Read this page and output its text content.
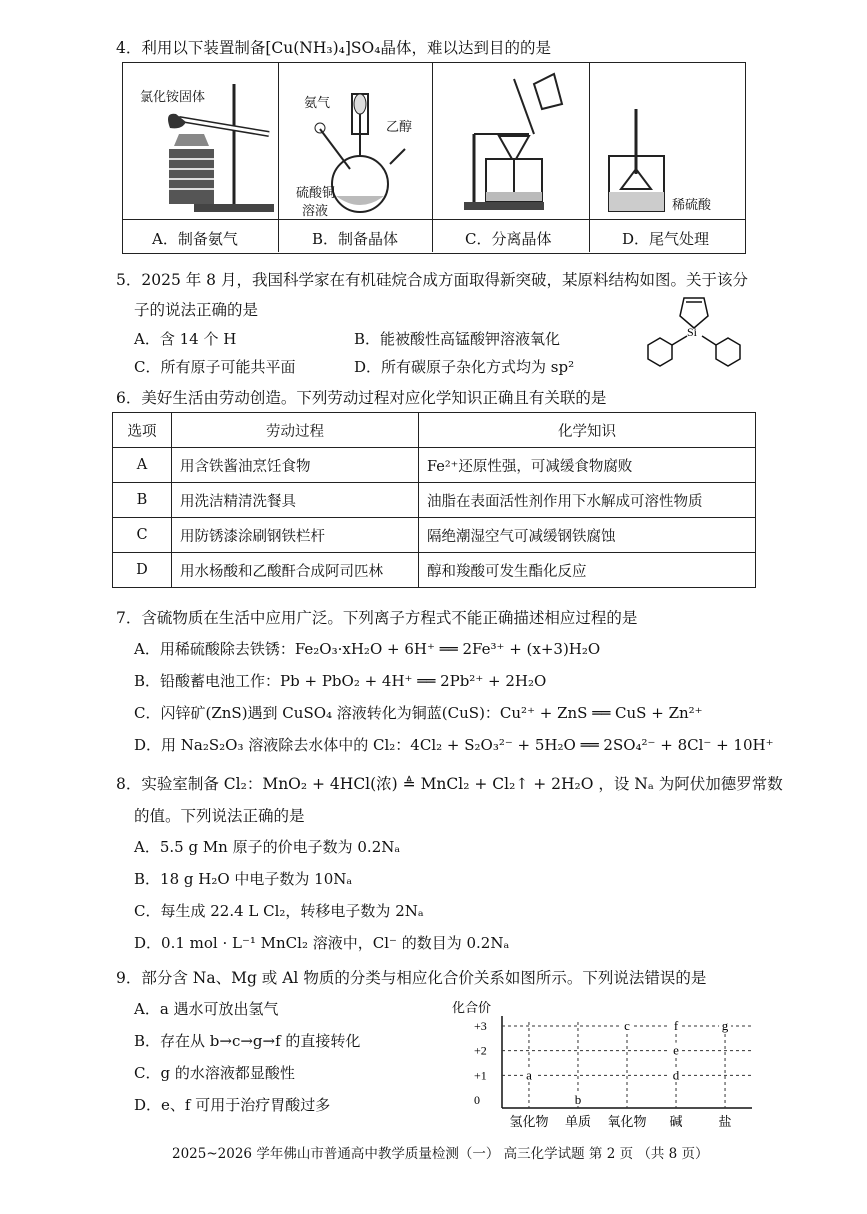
4．利用以下装置制备[Cu(NH₃)₄]SO₄晶体，难以达到目的的是
氯化铵固体	氨气
乙醇
硫酸铜
溶液	稀硫酸
A．制备氨气	B．制备晶体	C．分离晶体	D．尾气处理
5．2025 年 8 月，我国科学家在有机硅烷合成方面取得新突破，某原料结构如图。关于该分
子的说法正确的是
A．含 14 个 H	B．能被酸性高锰酸钾溶液氧化
C．所有原子可能共平面	D．所有碳原子杂化方式均为 sp²
Si
6．美好生活由劳动创造。下列劳动过程对应化学知识正确且有关联的是
选项	劳动过程	化学知识
A	用含铁酱油烹饪食物	Fe²⁺还原性强，可减缓食物腐败
B	用洗洁精清洗餐具	油脂在表面活性剂作用下水解成可溶性物质
C	用防锈漆涂刷钢铁栏杆	隔绝潮湿空气可减缓钢铁腐蚀
D	用水杨酸和乙酸酐合成阿司匹林	醇和羧酸可发生酯化反应
7．含硫物质在生活中应用广泛。下列离子方程式不能正确描述相应过程的是
A．用稀硫酸除去铁锈：Fe₂O₃·xH₂O + 6H⁺ ══ 2Fe³⁺ + (x+3)H₂O
B．铅酸蓄电池工作：Pb + PbO₂ + 4H⁺ ══ 2Pb²⁺ + 2H₂O
C．闪锌矿(ZnS)遇到 CuSO₄ 溶液转化为铜蓝(CuS)：Cu²⁺ + ZnS ══ CuS + Zn²⁺
D．用 Na₂S₂O₃ 溶液除去水体中的 Cl₂：4Cl₂ + S₂O₃²⁻ + 5H₂O ══ 2SO₄²⁻ + 8Cl⁻ + 10H⁺
8．实验室制备 Cl₂：MnO₂ + 4HCl(浓) ≜ MnCl₂ + Cl₂↑ + 2H₂O ，设 Nₐ 为阿伏加德罗常数
的值。下列说法正确的是
A．5.5 g Mn 原子的价电子数为 0.2Nₐ
B．18 g H₂O 中电子数为 10Nₐ
C．每生成 22.4 L Cl₂，转移电子数为 2Nₐ
D．0.1 mol · L⁻¹ MnCl₂ 溶液中，Cl⁻ 的数目为 0.2Nₐ
9．部分含 Na、Mg 或 Al 物质的分类与相应化合价关系如图所示。下列说法错误的是
A．a 遇水可放出氢气
B．存在从 b→c→g→f 的直接转化
C．g 的水溶液都显酸性
D．e、f 可用于治疗胃酸过多
化合价
+3
+2
+1
0
氢化物 单质 氧化物 碱	盐
a
b
c
d
e
f	g
2025~2026 学年佛山市普通高中教学质量检测（一） 高三化学试题 第 2 页 （共 8 页）
